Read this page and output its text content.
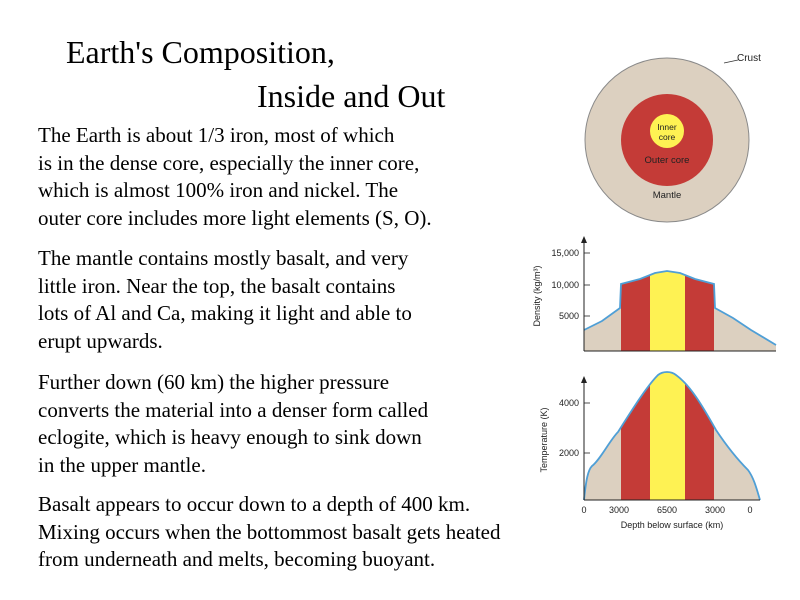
Earth's Composition,
Inside and Out
The Earth is about 1/3 iron, most of which
is in the dense core, especially the inner core,
which is almost 100% iron and nickel. The
outer core includes more light elements (S, O).
The mantle contains mostly basalt, and very
little iron. Near the top, the basalt contains
lots of Al and Ca, making it light and able to
erupt upwards.
Further down (60 km) the higher pressure
converts the material into a denser form called
eclogite, which is heavy enough to sink down
in the upper mantle.
Basalt appears to occur down to a depth of 400 km.
Mixing occurs when the bottommost basalt gets heated
from underneath and melts, becoming buoyant.
Crust
Inner
core
Outer core
Mantle
15,000
10,000
5000
Density (kg/m³)
4000
2000
Temperature (K)
0 3000	6500	3000 0
Depth below surface (km)
